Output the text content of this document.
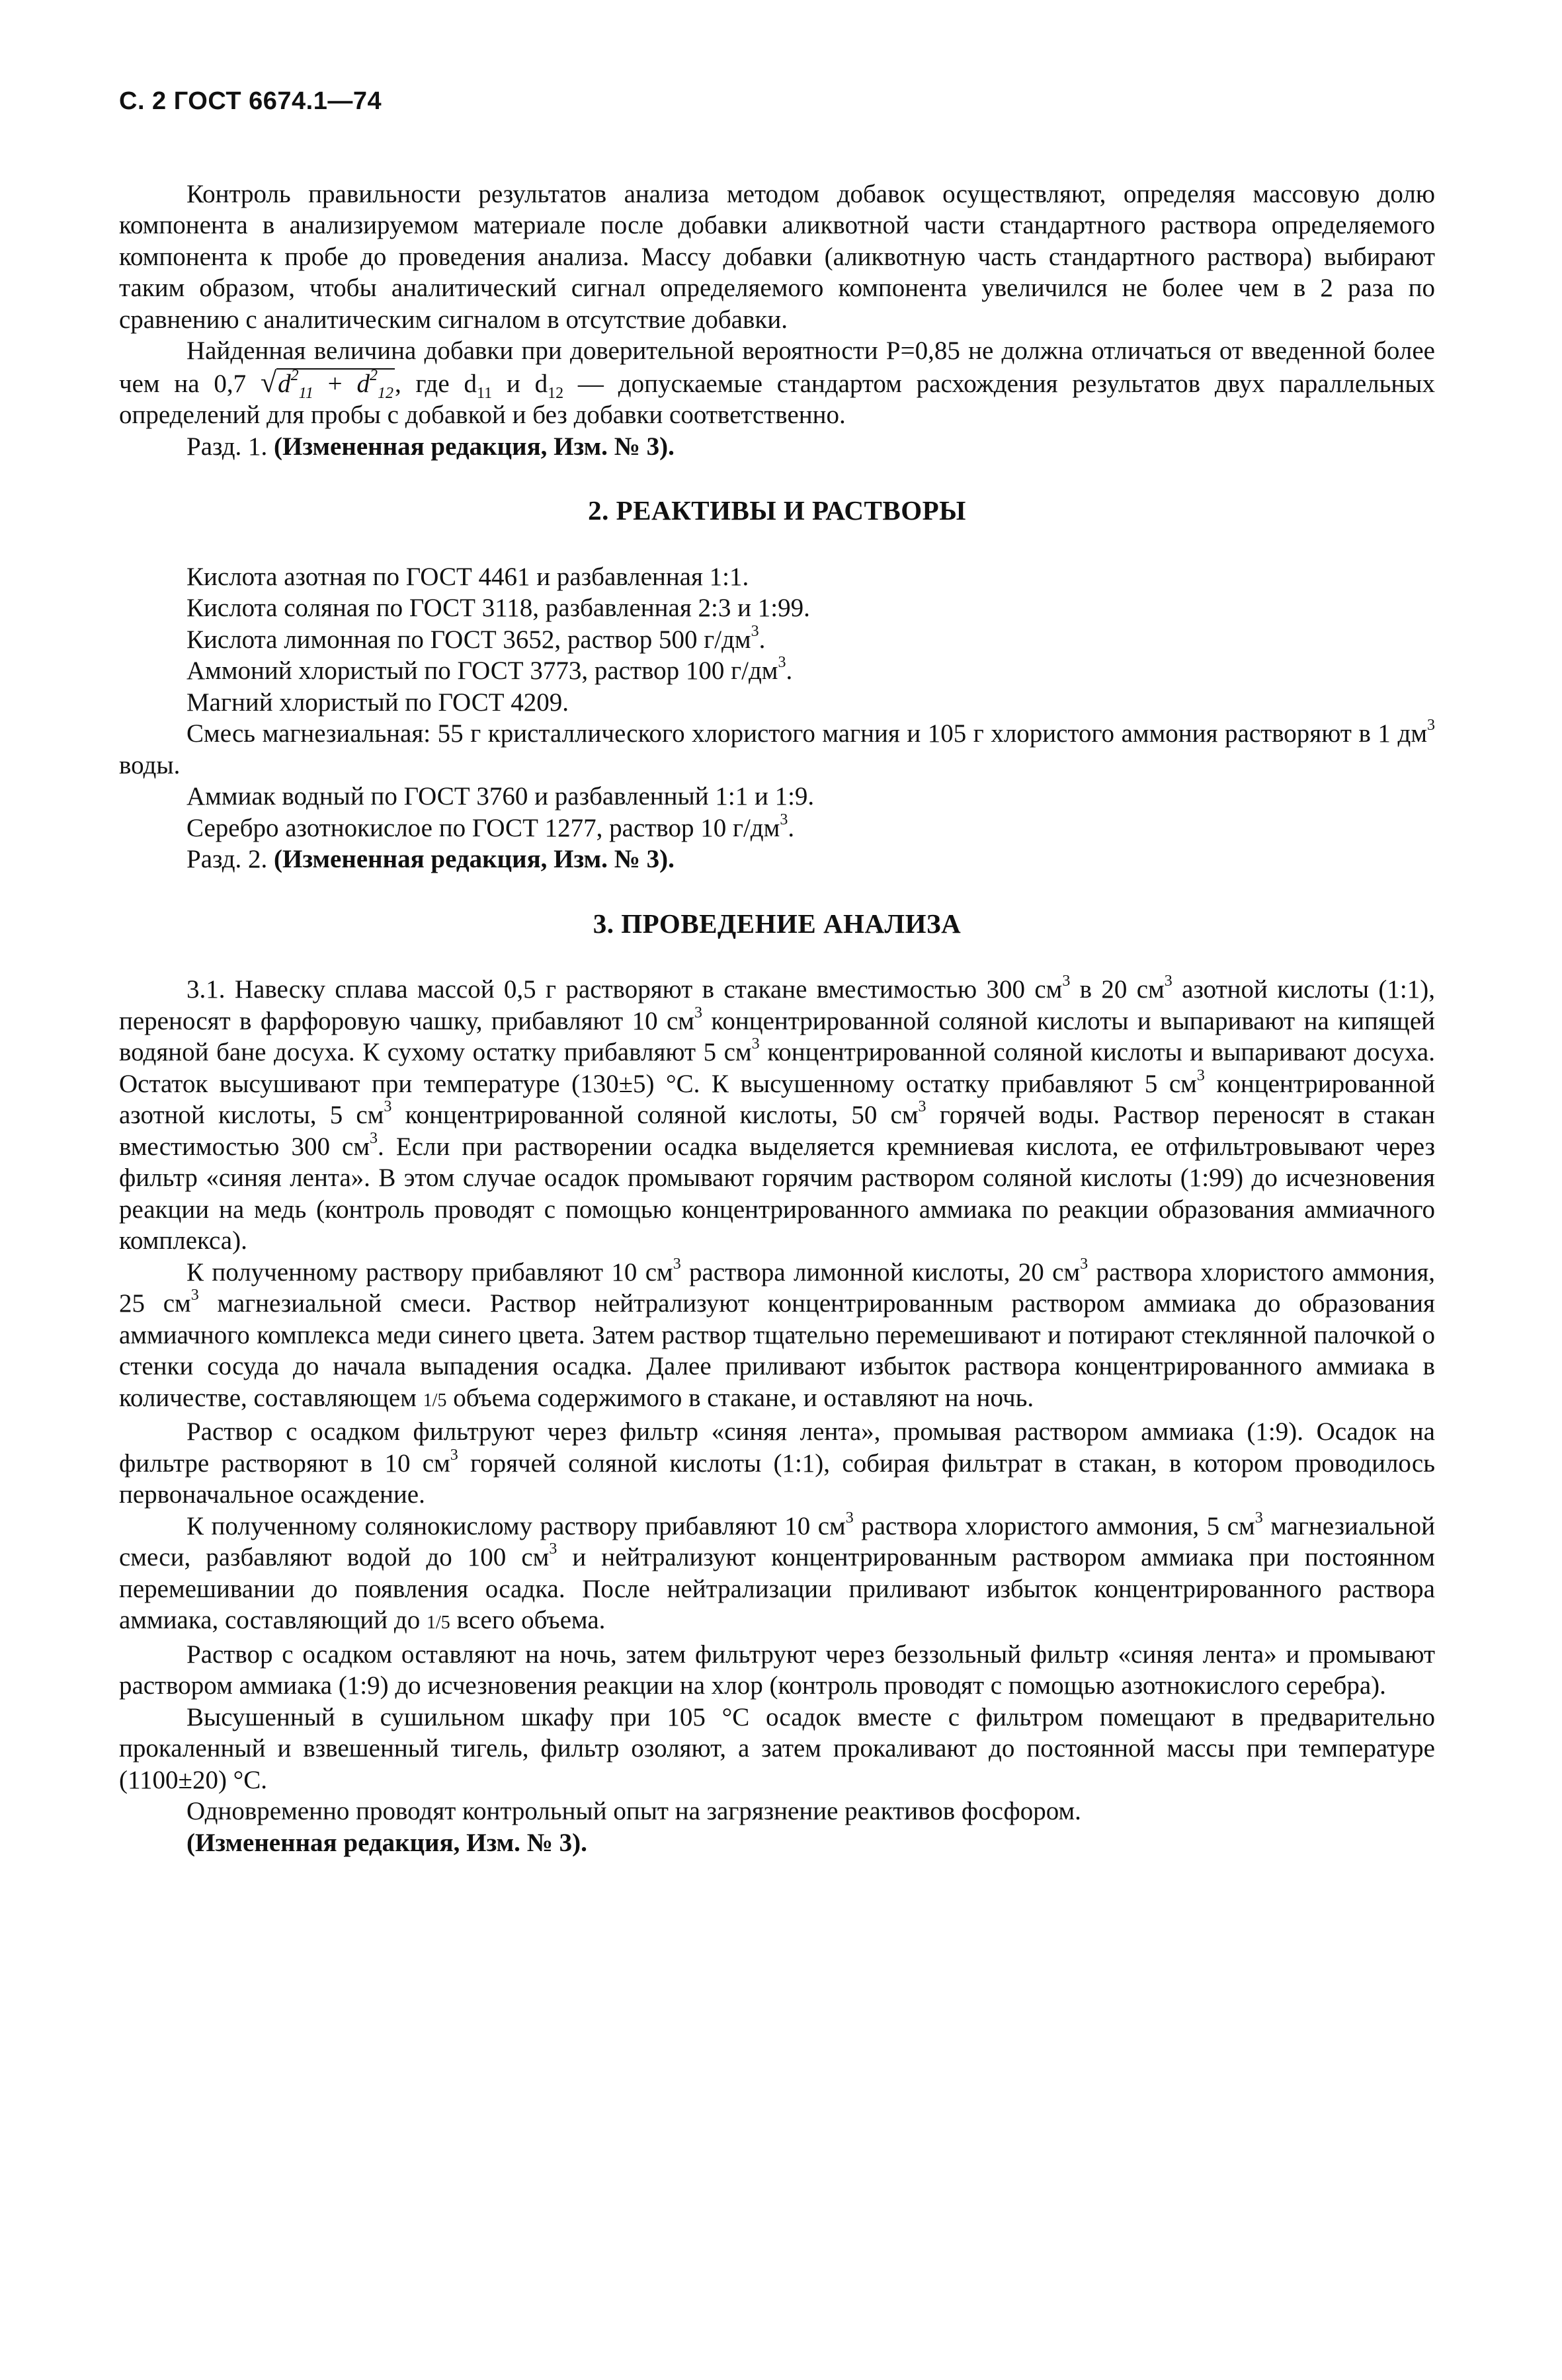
С. 2 ГОСТ 6674.1—74

Контроль правильности результатов анализа методом добавок осуществляют, определяя массовую долю компонента в анализируемом материале после добавки аликвотной части стандартного раствора определяемого компонента к пробе до проведения анализа. Массу добавки (аликвотную часть стандартного раствора) выбирают таким образом, чтобы аналитический сигнал определяемого компонента увеличился не более чем в 2 раза по сравнению с аналитическим сигналом в отсутствие добавки.

Найденная величина добавки при доверительной вероятности P=0,85 не должна отличаться от введенной более чем на 0,7 $√d^2_{11} + d^2_{12}$, где $d_{11}$ и $d_{12}$ — допускаемые стандартом расхождения результатов двух параллельных определений для пробы с добавкой и без добавки соответственно.

Разд. 1. (Измененная редакция, Изм. № 3).

2. РЕАКТИВЫ И РАСТВОРЫ

Кислота азотная по ГОСТ 4461 и разбавленная 1:1.

Кислота соляная по ГОСТ 3118, разбавленная 2:3 и 1:99.

Кислота лимонная по ГОСТ 3652, раствор 500 $г/дм^3$.

Аммоний хлористый по ГОСТ 3773, раствор 100 $г/дм^3$.

Магний хлористый по ГОСТ 4209.

Смесь магнезиальная: 55 г кристаллического хлористого магния и 105 г хлористого аммония растворяют в 1 $дм^3$ воды.

Аммиак водный по ГОСТ 3760 и разбавленный 1:1 и 1:9.

Серебро азотнокислое по ГОСТ 1277, раствор 10 $г/дм^3$.

Разд. 2. (Измененная редакция, Изм. № 3).

3. ПРОВЕДЕНИЕ АНАЛИЗА

3.1. Навеску сплава массой 0,5 г растворяют в стакане вместимостью 300 $см^3$ в 20 $см^3$ азотной кислоты (1:1), переносят в фарфоровую чашку, прибавляют 10 $см^3$ концентрированной соляной кислоты и выпаривают на кипящей водяной бане досуха. К сухому остатку прибавляют 5 $см^3$ концентрированной соляной кислоты и выпаривают досуха. Остаток высушивают при температуре (130±5) °С. К высушенному остатку прибавляют 5 $см^3$ концентрированной азотной кислоты, 5 $см^3$ концентрированной соляной кислоты, 50 $см^3$ горячей воды. Раствор переносят в стакан вместимостью 300 $см^3$. Если при растворении осадка выделяется кремниевая кислота, ее отфильтровывают через фильтр «синяя лента». В этом случае осадок промывают горячим раствором соляной кислоты (1:99) до исчезновения реакции на медь (контроль проводят с помощью концентрированного аммиака по реакции образования аммиачного комплекса).

К полученному раствору прибавляют 10 $см^3$ раствора лимонной кислоты, 20 $см^3$ раствора хлористого аммония, 25 $см^3$ магнезиальной смеси. Раствор нейтрализуют концентрированным раствором аммиака до образования аммиачного комплекса меди синего цвета. Затем раствор тщательно перемешивают и потирают стеклянной палочкой о стенки сосуда до начала выпадения осадка. Далее приливают избыток раствора концентрированного аммиака в количестве, составляющем 1/5 объема содержимого в стакане, и оставляют на ночь.

Раствор с осадком фильтруют через фильтр «синяя лента», промывая раствором аммиака (1:9). Осадок на фильтре растворяют в 10 $см^3$ горячей соляной кислоты (1:1), собирая фильтрат в стакан, в котором проводилось первоначальное осаждение.

К полученному солянокислому раствору прибавляют 10 $см^3$ раствора хлористого аммония, 5 $см^3$ магнезиальной смеси, разбавляют водой до 100 $см^3$ и нейтрализуют концентрированным раствором аммиака при постоянном перемешивании до появления осадка. После нейтрализации приливают избыток концентрированного раствора аммиака, составляющий до 1/5 всего объема.

Раствор с осадком оставляют на ночь, затем фильтруют через беззольный фильтр «синяя лента» и промывают раствором аммиака (1:9) до исчезновения реакции на хлор (контроль проводят с помощью азотнокислого серебра).

Высушенный в сушильном шкафу при 105 °С осадок вместе с фильтром помещают в предварительно прокаленный и взвешенный тигель, фильтр озоляют, а затем прокаливают до постоянной массы при температуре (1100±20) °С.

Одновременно проводят контрольный опыт на загрязнение реактивов фосфором.

(Измененная редакция, Изм. № 3).
